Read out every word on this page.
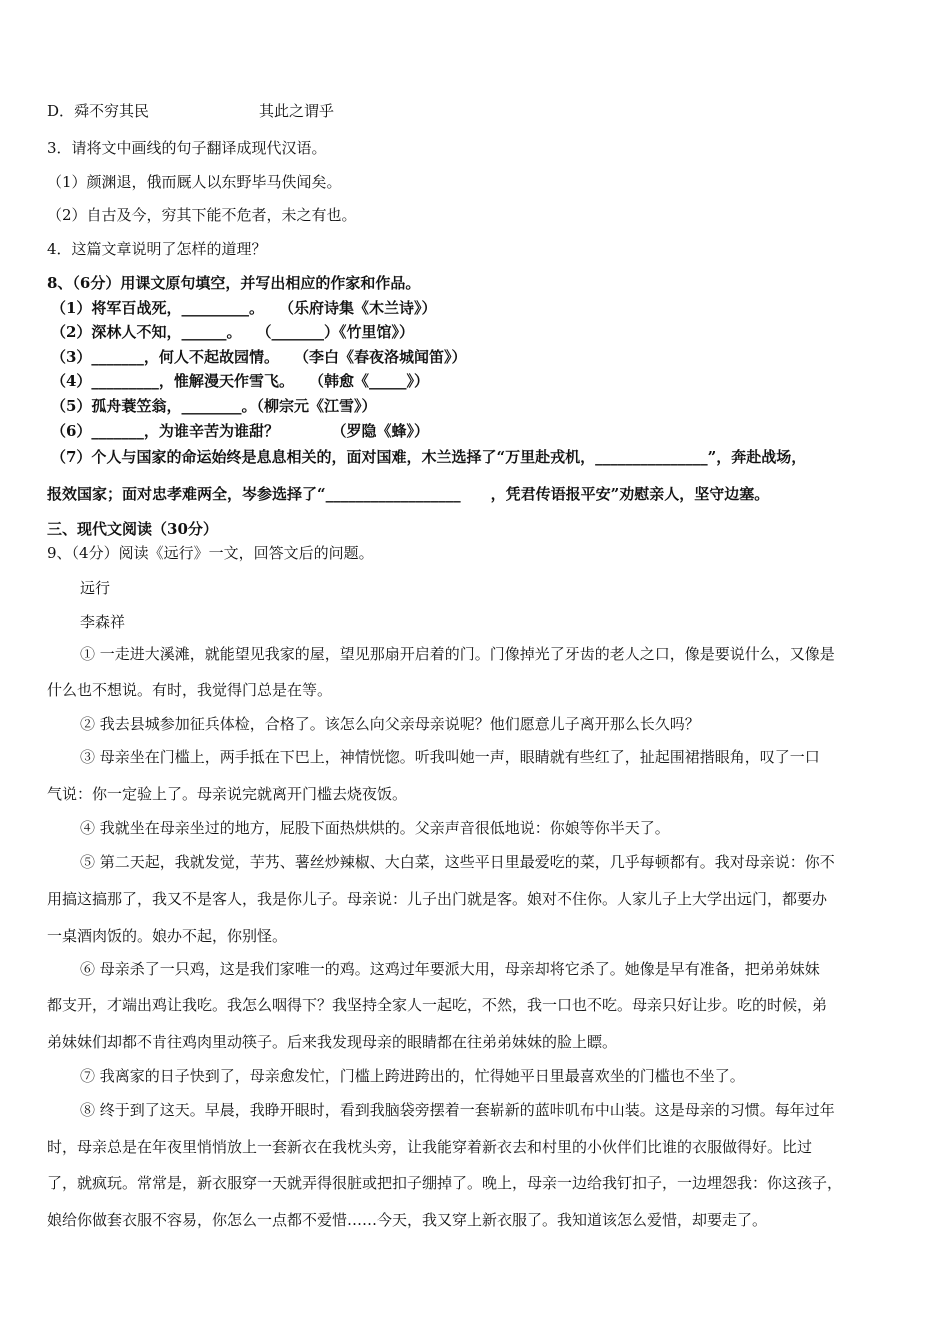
D．舜不穷其民	其此之谓乎
3．请将文中画线的句子翻译成现代汉语。
（1）颜渊退，俄而厩人以东野毕马佚闻矣。
（2）自古及今，穷其下能不危者，未之有也。
4．这篇文章说明了怎样的道理？
8、（6分）用课文原句填空，并写出相应的作家和作品。
（1）将军百战死，_________。　　（乐府诗集《木兰诗》）
（2）深林人不知，______。　　（_______）《竹里馆》）
（3）_______，何人不起故园情。　　（李白《春夜洛城闻笛》）
（4）_________，惟解漫天作雪飞。　　（韩愈《_____》）
（5）孤舟蓑笠翁，________。（柳宗元《江雪》）
（6）_______，为谁辛苦为谁甜？　　　　（罗隐《蜂》）
（7）个人与国家的命运始终是息息相关的，面对国难，木兰选择了“万里赴戎机，_______________”，奔赴战场，
报效国家；面对忠孝难两全，岑参选择了“__________________　　，凭君传语报平安”劝慰亲人，坚守边塞。
三、现代文阅读（30分）
9、（4分）阅读《远行》一文，回答文后的问题。
远行
李森祥
① 一走进大溪滩，就能望见我家的屋，望见那扇开启着的门。门像掉光了牙齿的老人之口，像是要说什么，又像是
什么也不想说。有时，我觉得门总是在等。
② 我去县城参加征兵体检，合格了。该怎么向父亲母亲说呢？他们愿意儿子离开那么长久吗？
③ 母亲坐在门槛上，两手抵在下巴上，神情恍惚。听我叫她一声，眼睛就有些红了，扯起围裙揩眼角，叹了一口
气说：你一定验上了。母亲说完就离开门槛去烧夜饭。
④ 我就坐在母亲坐过的地方，屁股下面热烘烘的。父亲声音很低地说：你娘等你半天了。
⑤ 第二天起，我就发觉，芋艿、薯丝炒辣椒、大白菜，这些平日里最爱吃的菜，几乎每顿都有。我对母亲说：你不
用搞这搞那了，我又不是客人，我是你儿子。母亲说：儿子出门就是客。娘对不住你。人家儿子上大学出远门，都要办
一桌酒肉饭的。娘办不起，你别怪。
⑥ 母亲杀了一只鸡，这是我们家唯一的鸡。这鸡过年要派大用，母亲却将它杀了。她像是早有准备，把弟弟妹妹
都支开，才端出鸡让我吃。我怎么咽得下？我坚持全家人一起吃，不然，我一口也不吃。母亲只好让步。吃的时候，弟
弟妹妹们却都不肯往鸡肉里动筷子。后来我发现母亲的眼睛都在往弟弟妹妹的脸上瞟。
⑦ 我离家的日子快到了，母亲愈发忙，门槛上跨进跨出的，忙得她平日里最喜欢坐的门槛也不坐了。
⑧ 终于到了这天。早晨，我睁开眼时，看到我脑袋旁摆着一套崭新的蓝咔叽布中山装。这是母亲的习惯。每年过年
时，母亲总是在年夜里悄悄放上一套新衣在我枕头旁，让我能穿着新衣去和村里的小伙伴们比谁的衣服做得好。比过
了，就疯玩。常常是，新衣服穿一天就弄得很脏或把扣子绷掉了。晚上，母亲一边给我钉扣子，一边埋怨我：你这孩子，
娘给你做套衣服不容易，你怎么一点都不爱惜……今天，我又穿上新衣服了。我知道该怎么爱惜，却要走了。
